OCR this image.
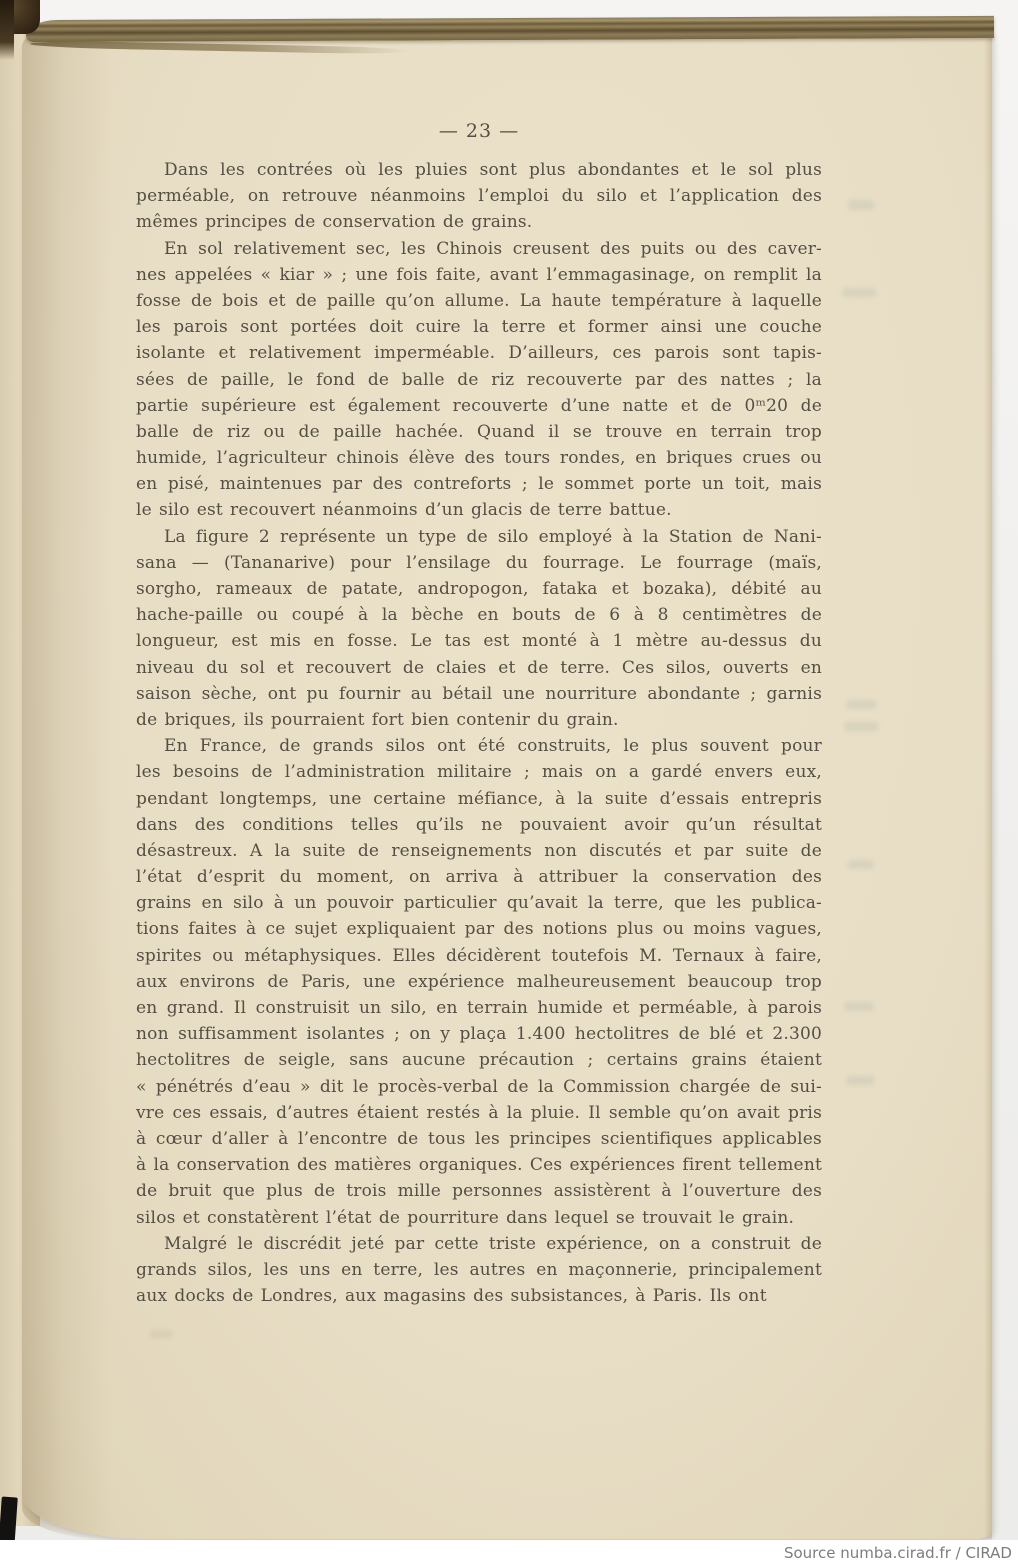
— 23 —
Dans les contrées où les pluies sont plus abondantes et le sol plus
perméable, on retrouve néanmoins l’emploi du silo et l’application des
mêmes principes de conservation de grains.
En sol relativement sec, les Chinois creusent des puits ou des caver-
nes appelées « kiar » ; une fois faite, avant l’emmagasinage, on remplit la
fosse de bois et de paille qu’on allume. La haute température à laquelle
les parois sont portées doit cuire la terre et former ainsi une couche
isolante et relativement imperméable. D’ailleurs, ces parois sont tapis-
sées de paille, le fond de balle de riz recouverte par des nattes ; la
partie supérieure est également recouverte d’une natte et de 0ᵐ20 de
balle de riz ou de paille hachée. Quand il se trouve en terrain trop
humide, l’agriculteur chinois élève des tours rondes, en briques crues ou
en pisé, maintenues par des contreforts ; le sommet porte un toit, mais
le silo est recouvert néanmoins d’un glacis de terre battue.
La figure 2 représente un type de silo employé à la Station de Nani-
sana — (Tananarive) pour l’ensilage du fourrage. Le fourrage (maïs,
sorgho, rameaux de patate, andropogon, fataka et bozaka), débité au
hache-paille ou coupé à la bèche en bouts de 6 à 8 centimètres de
longueur, est mis en fosse. Le tas est monté à 1 mètre au-dessus du
niveau du sol et recouvert de claies et de terre. Ces silos, ouverts en
saison sèche, ont pu fournir au bétail une nourriture abondante ; garnis
de briques, ils pourraient fort bien contenir du grain.
En France, de grands silos ont été construits, le plus souvent pour
les besoins de l’administration militaire ; mais on a gardé envers eux,
pendant longtemps, une certaine méfiance, à la suite d’essais entrepris
dans des conditions telles qu’ils ne pouvaient avoir qu’un résultat
désastreux. A la suite de renseignements non discutés et par suite de
l’état d’esprit du moment, on arriva à attribuer la conservation des
grains en silo à un pouvoir particulier qu’avait la terre, que les publica-
tions faites à ce sujet expliquaient par des notions plus ou moins vagues,
spirites ou métaphysiques. Elles décidèrent toutefois M. Ternaux à faire,
aux environs de Paris, une expérience malheureusement beaucoup trop
en grand. Il construisit un silo, en terrain humide et perméable, à parois
non suffisamment isolantes ; on y plaça 1.400 hectolitres de blé et 2.300
hectolitres de seigle, sans aucune précaution ; certains grains étaient
« pénétrés d’eau » dit le procès-verbal de la Commission chargée de sui-
vre ces essais, d’autres étaient restés à la pluie. Il semble qu’on avait pris
à cœur d’aller à l’encontre de tous les principes scientifiques applicables
à la conservation des matières organiques. Ces expériences firent tellement
de bruit que plus de trois mille personnes assistèrent à l’ouverture des
silos et constatèrent l’état de pourriture dans lequel se trouvait le grain.
Malgré le discrédit jeté par cette triste expérience, on a construit de
grands silos, les uns en terre, les autres en maçonnerie, principalement
aux docks de Londres, aux magasins des subsistances, à Paris. Ils ont
Source numba.cirad.fr / CIRAD
